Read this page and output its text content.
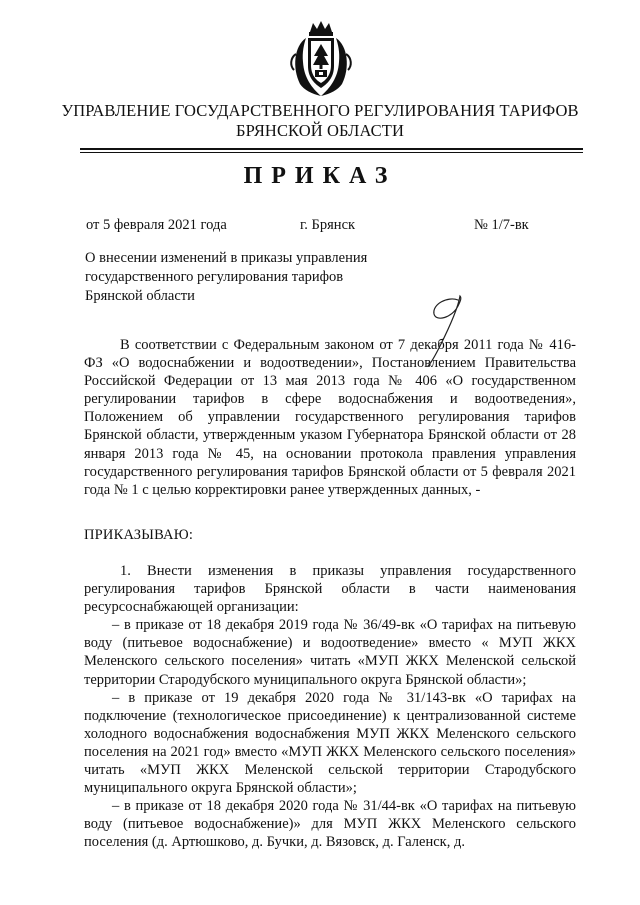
УПРАВЛЕНИЕ ГОСУДАРСТВЕННОГО РЕГУЛИРОВАНИЯ ТАРИФОВ
БРЯНСКОЙ ОБЛАСТИ
ПРИКАЗ
от 5 февраля 2021 года	г. Брянск	№ 1/7-вк
О внесении изменений в приказы управления
государственного регулирования тарифов
Брянской области

В соответствии с Федеральным законом от 7 декабря 2011 года № 416-ФЗ «О водоснабжении и водоотведении», Постановлением Правительства Российской Федерации от 13 мая 2013 года № 406 «О государственном регулировании тарифов в сфере водоснабжения и водоотведения», Положением об управлении государственного регулирования тарифов Брянской области, утвержденным указом Губернатора Брянской области от 28 января 2013 года № 45, на основании протокола правления управления государственного регулирования тарифов Брянской области от 5 февраля 2021 года № 1 с целью корректировки ранее утвержденных данных, -

ПРИКАЗЫВАЮ:

1. Внести изменения в приказы управления государственного регулирования тарифов Брянской области в части наименования ресурсоснабжающей организации:

– в приказе от 18 декабря 2019 года № 36/49-вк «О тарифах на питьевую воду (питьевое водоснабжение) и водоотведение» вместо « МУП ЖКХ Меленского сельского поселения» читать «МУП ЖКХ Меленской сельской территории Стародубского муниципального округа Брянской области»;

– в приказе от 19 декабря 2020 года № 31/143-вк «О тарифах на подключение (технологическое присоединение) к централизованной системе холодного водоснабжения водоснабжения МУП ЖКХ Меленского сельского поселения на 2021 год» вместо «МУП ЖКХ Меленского сельского поселения» читать «МУП ЖКХ Меленской сельской территории Стародубского муниципального округа Брянской области»;

– в приказе от 18 декабря 2020 года № 31/44-вк «О тарифах на питьевую воду (питьевое водоснабжение)» для МУП ЖКХ Меленского сельского поселения (д. Артюшково, д. Бучки, д. Вязовск, д. Галенск, д.
